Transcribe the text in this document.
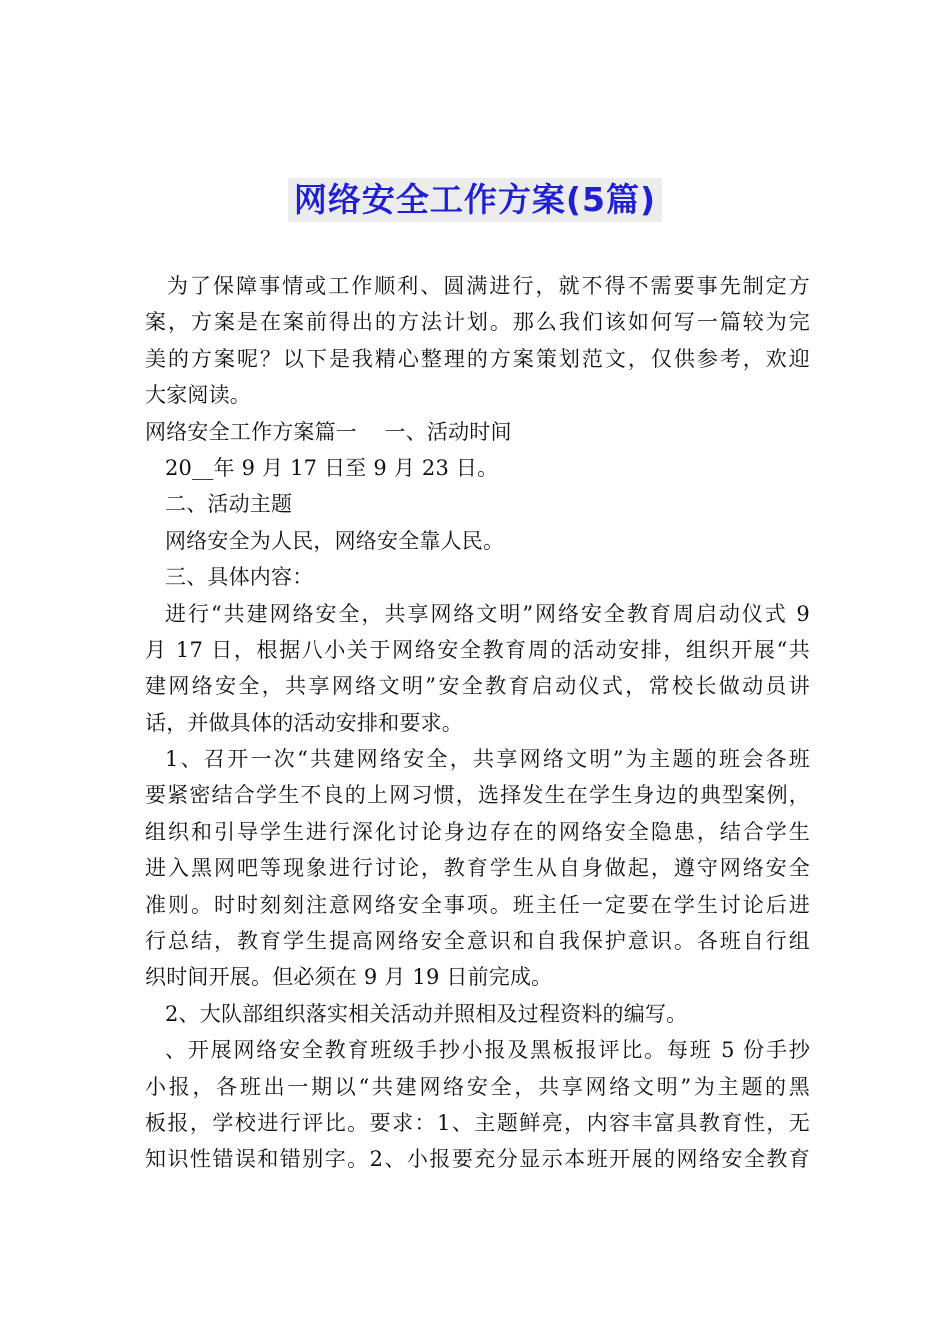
网络安全工作方案(5篇)
为了保障事情或工作顺利、圆满进行，就不得不需要事先制定方
案，方案是在案前得出的方法计划。那么我们该如何写一篇较为完
美的方案呢？以下是我精心整理的方案策划范文，仅供参考，欢迎
大家阅读。
网络安全工作方案篇一    一、活动时间
20__年 9 月 17 日至 9 月 23 日。
二、活动主题
网络安全为人民，网络安全靠人民。
三、具体内容：
进行“共建网络安全，共享网络文明”网络安全教育周启动仪式 9
月 17 日，根据八小关于网络安全教育周的活动安排，组织开展“共
建网络安全，共享网络文明”安全教育启动仪式，常校长做动员讲
话，并做具体的活动安排和要求。
1、召开一次“共建网络安全，共享网络文明”为主题的班会各班
要紧密结合学生不良的上网习惯，选择发生在学生身边的典型案例，
组织和引导学生进行深化讨论身边存在的网络安全隐患，结合学生
进入黑网吧等现象进行讨论，教育学生从自身做起，遵守网络安全
准则。时时刻刻注意网络安全事项。班主任一定要在学生讨论后进
行总结，教育学生提高网络安全意识和自我保护意识。各班自行组
织时间开展。但必须在 9 月 19 日前完成。
2、大队部组织落实相关活动并照相及过程资料的编写。
、开展网络安全教育班级手抄小报及黑板报评比。每班 5 份手抄
小报，各班出一期以“共建网络安全，共享网络文明”为主题的黑
板报，学校进行评比。要求：1、主题鲜亮，内容丰富具教育性，无
知识性错误和错别字。2、小报要充分显示本班开展的网络安全教育
